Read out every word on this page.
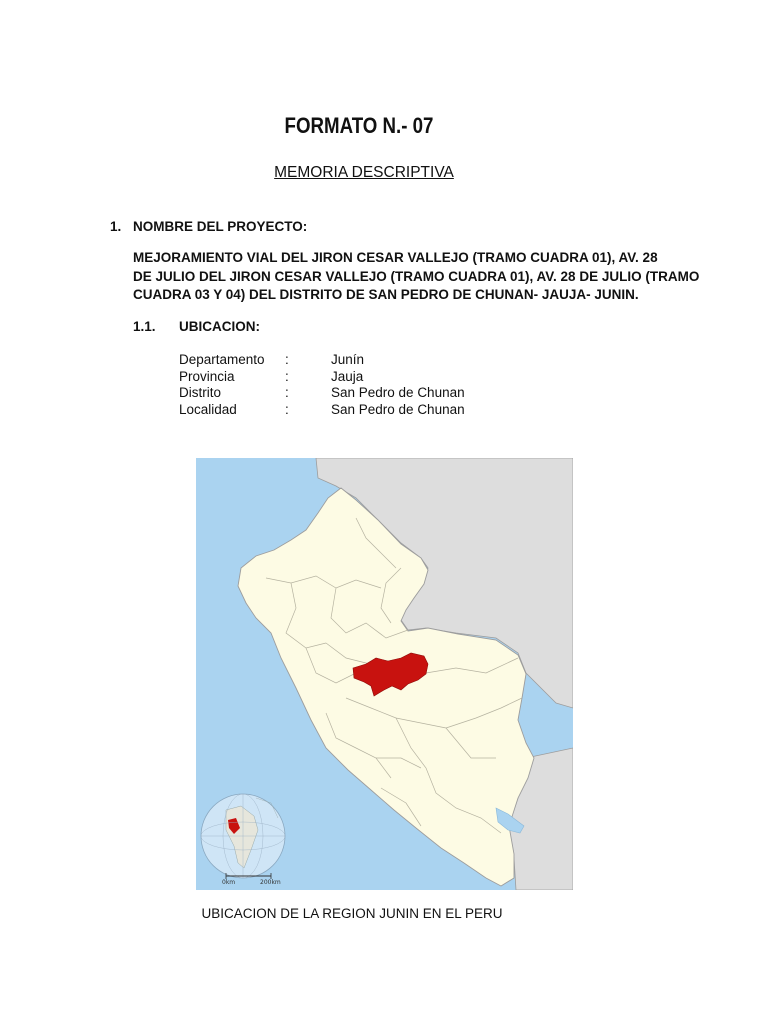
FORMATO N.- 07
MEMORIA DESCRIPTIVA
1. NOMBRE DEL PROYECTO:
MEJORAMIENTO VIAL DEL JIRON CESAR VALLEJO (TRAMO CUADRA 01), AV. 28
DE JULIO DEL JIRON CESAR VALLEJO (TRAMO CUADRA 01), AV. 28 DE JULIO (TRAMO
CUADRA 03 Y 04) DEL DISTRITO DE SAN PEDRO DE CHUNAN- JAUJA- JUNIN.
1.1. UBICACION:
Departamento	:	Junín
Provincia	:	Jauja
Distrito	:	San Pedro de Chunan
Localidad	:	San Pedro de Chunan
0km	200km
UBICACION DE LA REGION JUNIN EN EL PERU
